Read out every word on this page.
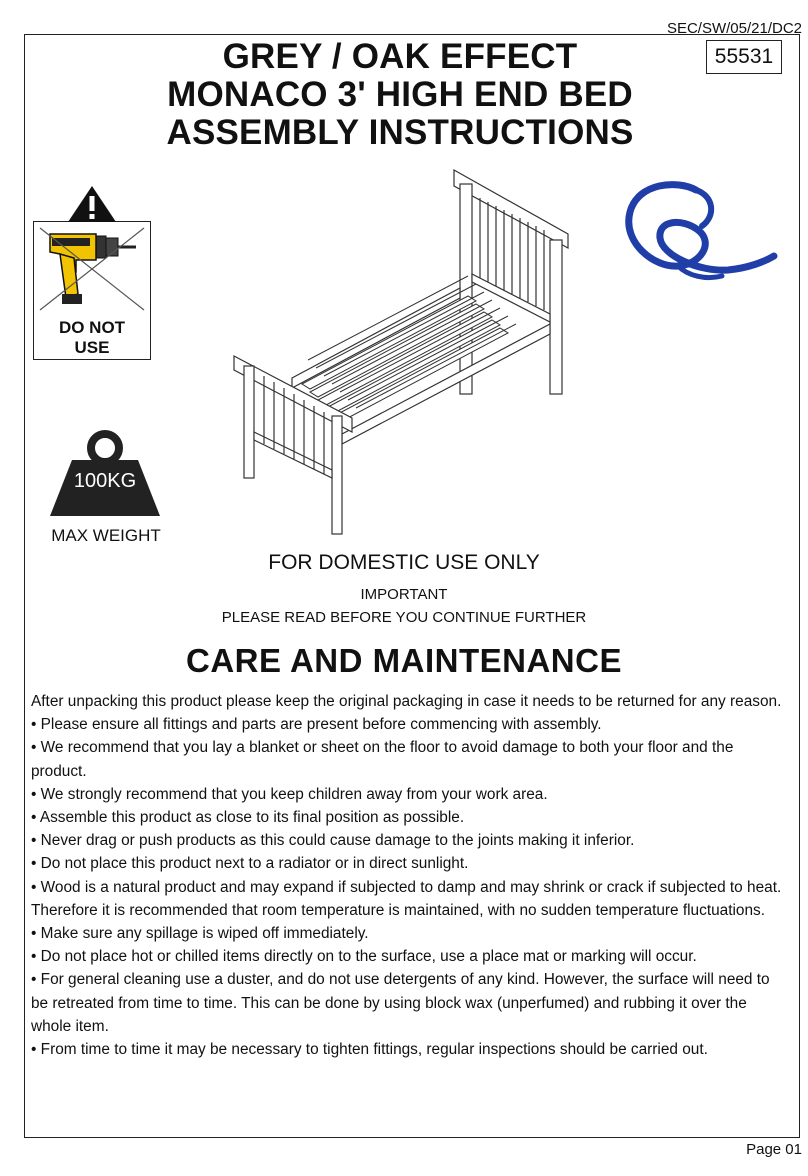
SEC/SW/05/21/DC2
GREY / OAK EFFECT
MONACO 3' HIGH END BED
ASSEMBLY INSTRUCTIONS
55531
DO NOT
USE
100KG
MAX WEIGHT
FOR DOMESTIC USE ONLY
IMPORTANT
PLEASE READ BEFORE YOU CONTINUE FURTHER
CARE AND MAINTENANCE

After unpacking this product please keep the original packaging in case it needs to be returned for any reason.

• Please ensure all fittings and parts are present before commencing with assembly.

• We recommend that you lay a blanket or sheet on the floor to avoid damage to both your floor and the product.

• We strongly recommend that you keep children away from your work area.

• Assemble this product as close to its final position as possible.

• Never drag or push products as this could cause damage to the joints making it inferior.

• Do not place this product next to a radiator or in direct sunlight.

• Wood is a natural product and may expand if subjected to damp and may shrink or crack if subjected to heat. Therefore it is recommended that room temperature is maintained, with no sudden temperature fluctuations.

• Make sure any spillage is wiped off immediately.

• Do not place hot or chilled items directly on to the surface, use a place mat or marking will occur.

• For general cleaning use a duster, and do not use detergents of any kind. However, the surface will need to be retreated from time to time. This can be done by using block wax (unperfumed) and rubbing it over the whole item.

• From time to time it may be necessary to tighten fittings, regular inspections should be carried out.

Page 01
